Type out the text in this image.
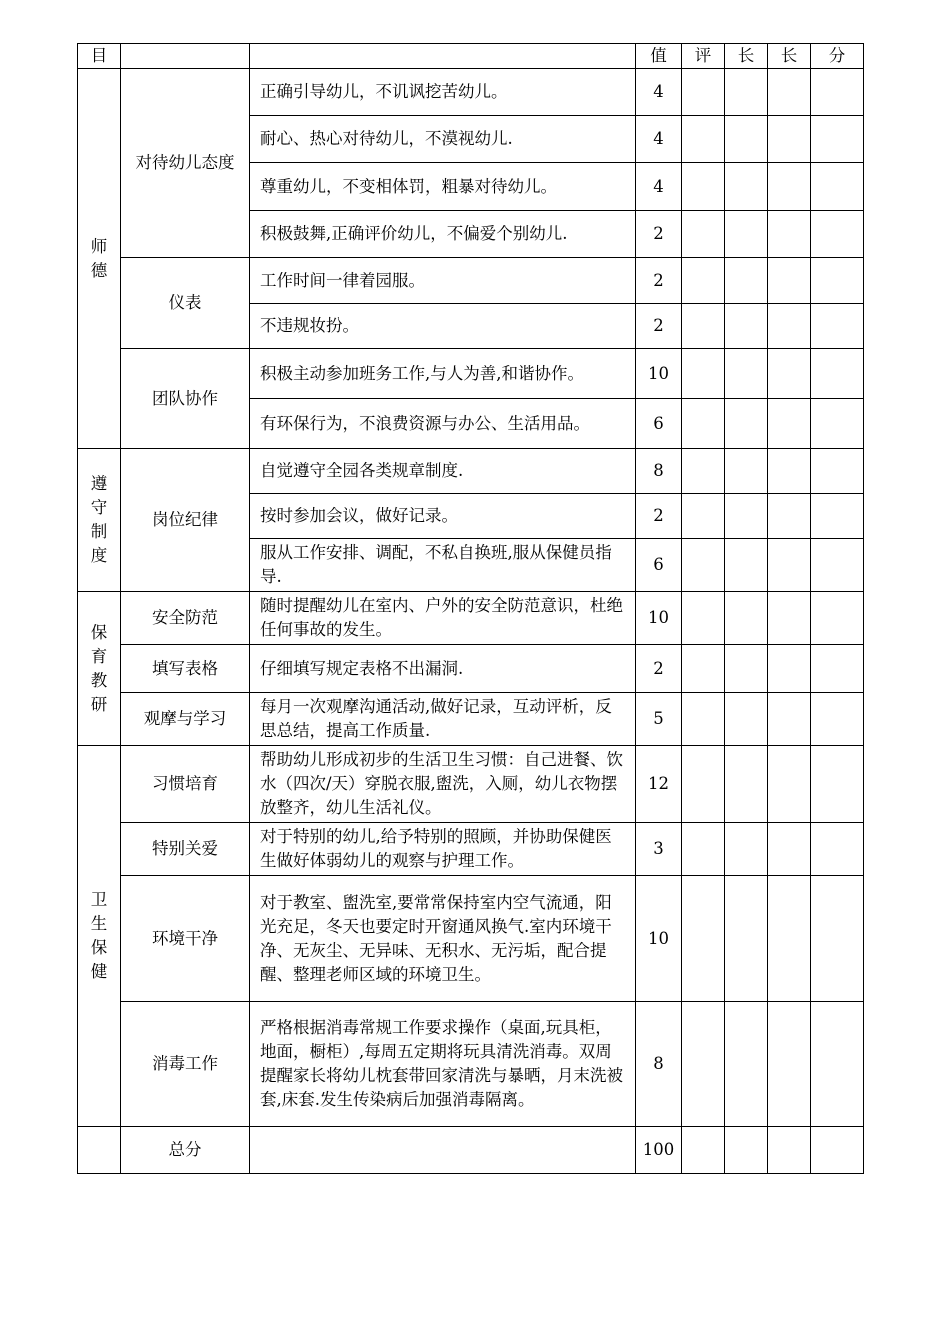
目			值	评	长	长	分
师德	对待幼儿态度	正确引导幼儿，不讥讽挖苦幼儿。	4				
		耐心、热心对待幼儿，不漠视幼儿.	4				
		尊重幼儿，不变相体罚，粗暴对待幼儿。	4				
		积极鼓舞,正确评价幼儿，不偏爱个别幼儿.	2				
	仪表	工作时间一律着园服。	2				
		不违规妆扮。	2				
	团队协作	积极主动参加班务工作,与人为善,和谐协作。	10				
		有环保行为，不浪费资源与办公、生活用品。	6				
遵守制度	岗位纪律	自觉遵守全园各类规章制度.	8				
		按时参加会议，做好记录。	2				
		服从工作安排、调配，不私自换班,服从保健员指导.	6				
保育教研	安全防范	随时提醒幼儿在室内、户外的安全防范意识，杜绝任何事故的发生。	10				
	填写表格	仔细填写规定表格不出漏洞.	2				
	观摩与学习	每月一次观摩沟通活动,做好记录，互动评析，反思总结，提高工作质量.	5				
卫生保健	习惯培育	帮助幼儿形成初步的生活卫生习惯：自己进餐、饮水（四次/天）穿脱衣服,盥洗，入厕，幼儿衣物摆放整齐，幼儿生活礼仪。	12				
	特别关爱	对于特别的幼儿,给予特别的照顾，并协助保健医生做好体弱幼儿的观察与护理工作。	3				
	环境干净	对于教室、盥洗室,要常常保持室内空气流通，阳光充足，冬天也要定时开窗通风换气.室内环境干净、无灰尘、无异味、无积水、无污垢，配合提醒、整理老师区域的环境卫生。	10				
	消毒工作	严格根据消毒常规工作要求操作（桌面,玩具柜，地面，橱柜）,每周五定期将玩具清洗消毒。双周提醒家长将幼儿枕套带回家清洗与暴晒，月末洗被套,床套.发生传染病后加强消毒隔离。	8				
	总分		100				
